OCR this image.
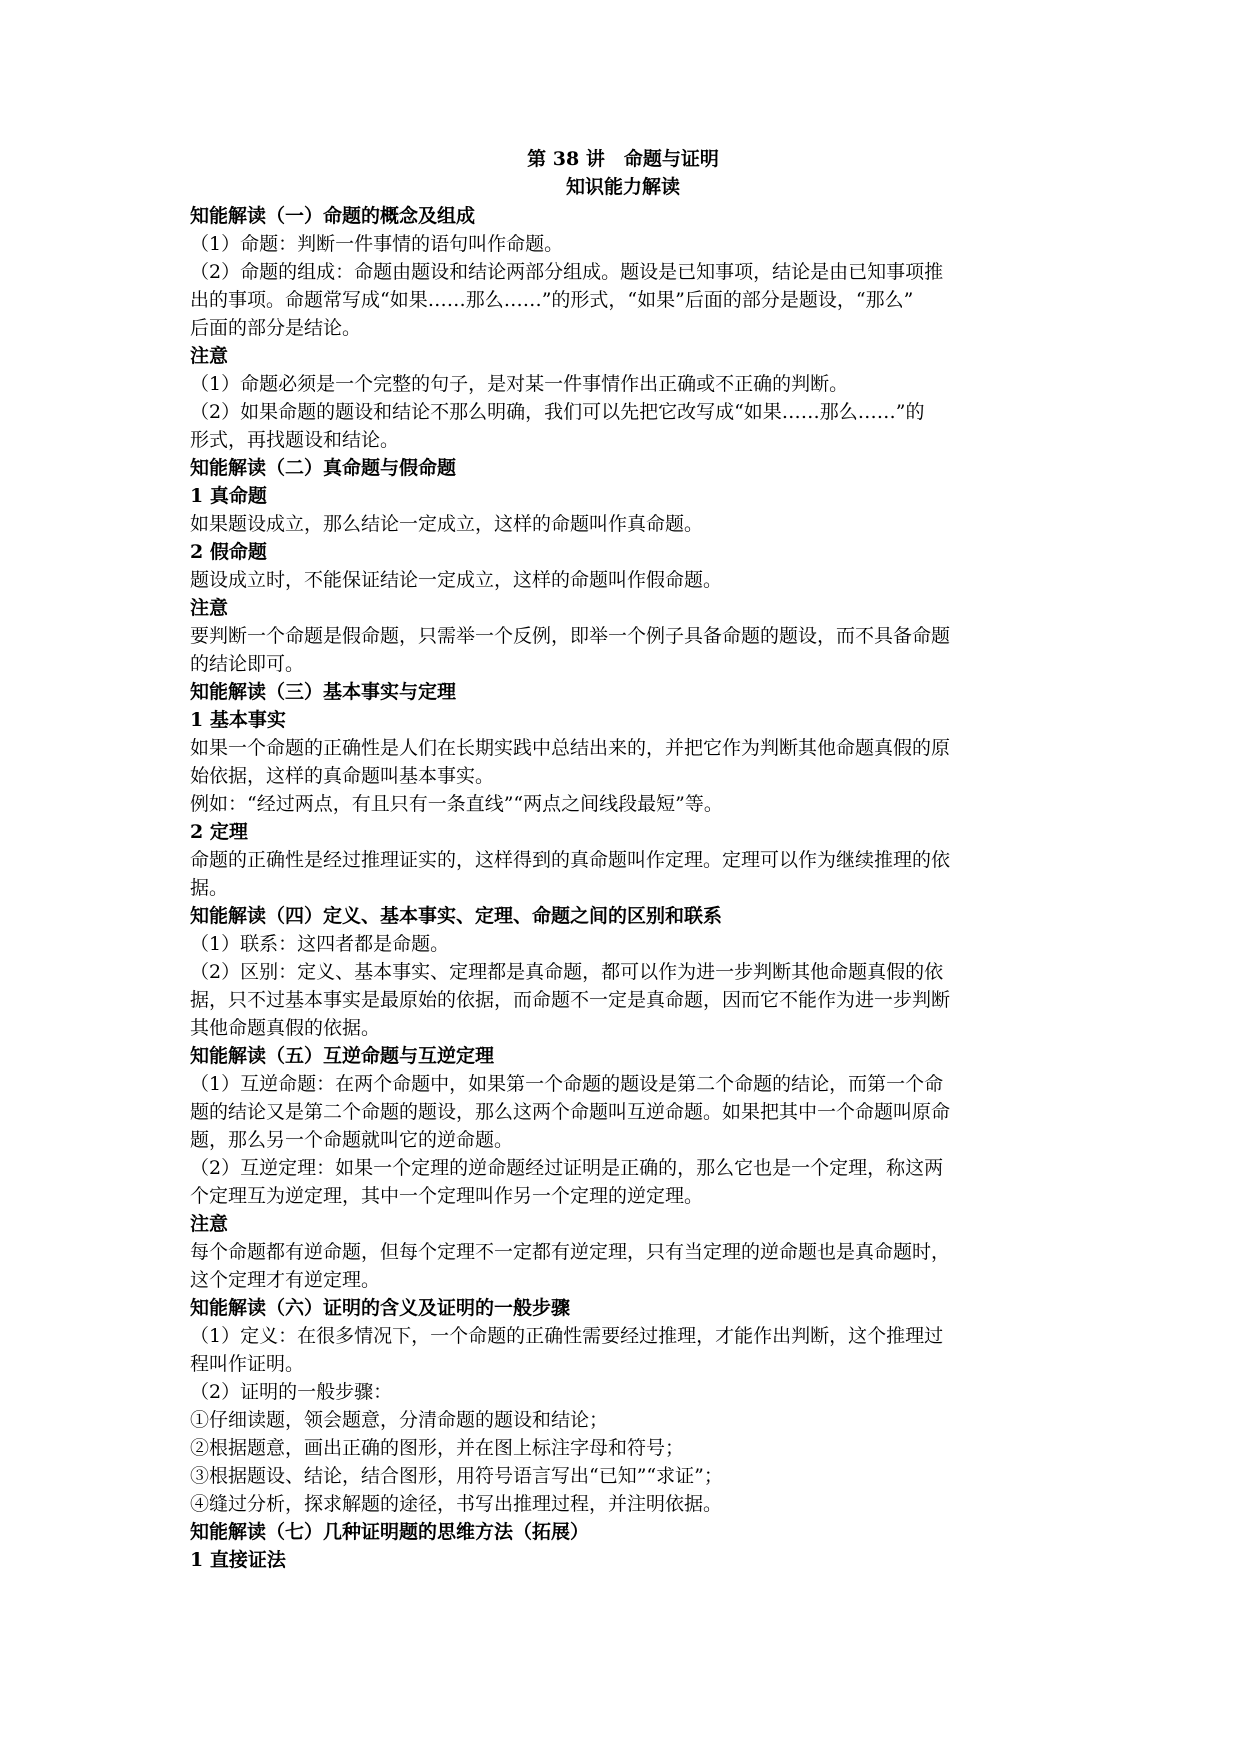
第 38 讲　命题与证明

知识能力解读

知能解读（一）命题的概念及组成

（1）命题：判断一件事情的语句叫作命题。

（2）命题的组成：命题由题设和结论两部分组成。题设是已知事项，结论是由已知事项推

出的事项。命题常写成“如果……那么……”的形式，“如果”后面的部分是题设，“那么”

后面的部分是结论。

注意

（1）命题必须是一个完整的句子，是对某一件事情作出正确或不正确的判断。

（2）如果命题的题设和结论不那么明确，我们可以先把它改写成“如果……那么……”的

形式，再找题设和结论。

知能解读（二）真命题与假命题

1 真命题

如果题设成立，那么结论一定成立，这样的命题叫作真命题。

2 假命题

题设成立时，不能保证结论一定成立，这样的命题叫作假命题。

注意

要判断一个命题是假命题，只需举一个反例，即举一个例子具备命题的题设，而不具备命题

的结论即可。

知能解读（三）基本事实与定理

1 基本事实

如果一个命题的正确性是人们在长期实践中总结出来的，并把它作为判断其他命题真假的原

始依据，这样的真命题叫基本事实。

例如：“经过两点，有且只有一条直线”“两点之间线段最短”等。

2 定理

命题的正确性是经过推理证实的，这样得到的真命题叫作定理。定理可以作为继续推理的依

据。

知能解读（四）定义、基本事实、定理、命题之间的区别和联系

（1）联系：这四者都是命题。

（2）区别：定义、基本事实、定理都是真命题，都可以作为进一步判断其他命题真假的依

据，只不过基本事实是最原始的依据，而命题不一定是真命题，因而它不能作为进一步判断

其他命题真假的依据。

知能解读（五）互逆命题与互逆定理

（1）互逆命题：在两个命题中，如果第一个命题的题设是第二个命题的结论，而第一个命

题的结论又是第二个命题的题设，那么这两个命题叫互逆命题。如果把其中一个命题叫原命

题，那么另一个命题就叫它的逆命题。

（2）互逆定理：如果一个定理的逆命题经过证明是正确的，那么它也是一个定理，称这两

个定理互为逆定理，其中一个定理叫作另一个定理的逆定理。

注意

每个命题都有逆命题，但每个定理不一定都有逆定理，只有当定理的逆命题也是真命题时，

这个定理才有逆定理。

知能解读（六）证明的含义及证明的一般步骤

（1）定义：在很多情况下，一个命题的正确性需要经过推理，才能作出判断，这个推理过

程叫作证明。

（2）证明的一般步骤：

①仔细读题，领会题意，分清命题的题设和结论；

②根据题意，画出正确的图形，并在图上标注字母和符号；

③根据题设、结论，结合图形，用符号语言写出“已知”“求证”；

④缝过分析，探求解题的途径，书写出推理过程，并注明依据。

知能解读（七）几种证明题的思维方法（拓展）

1 直接证法
